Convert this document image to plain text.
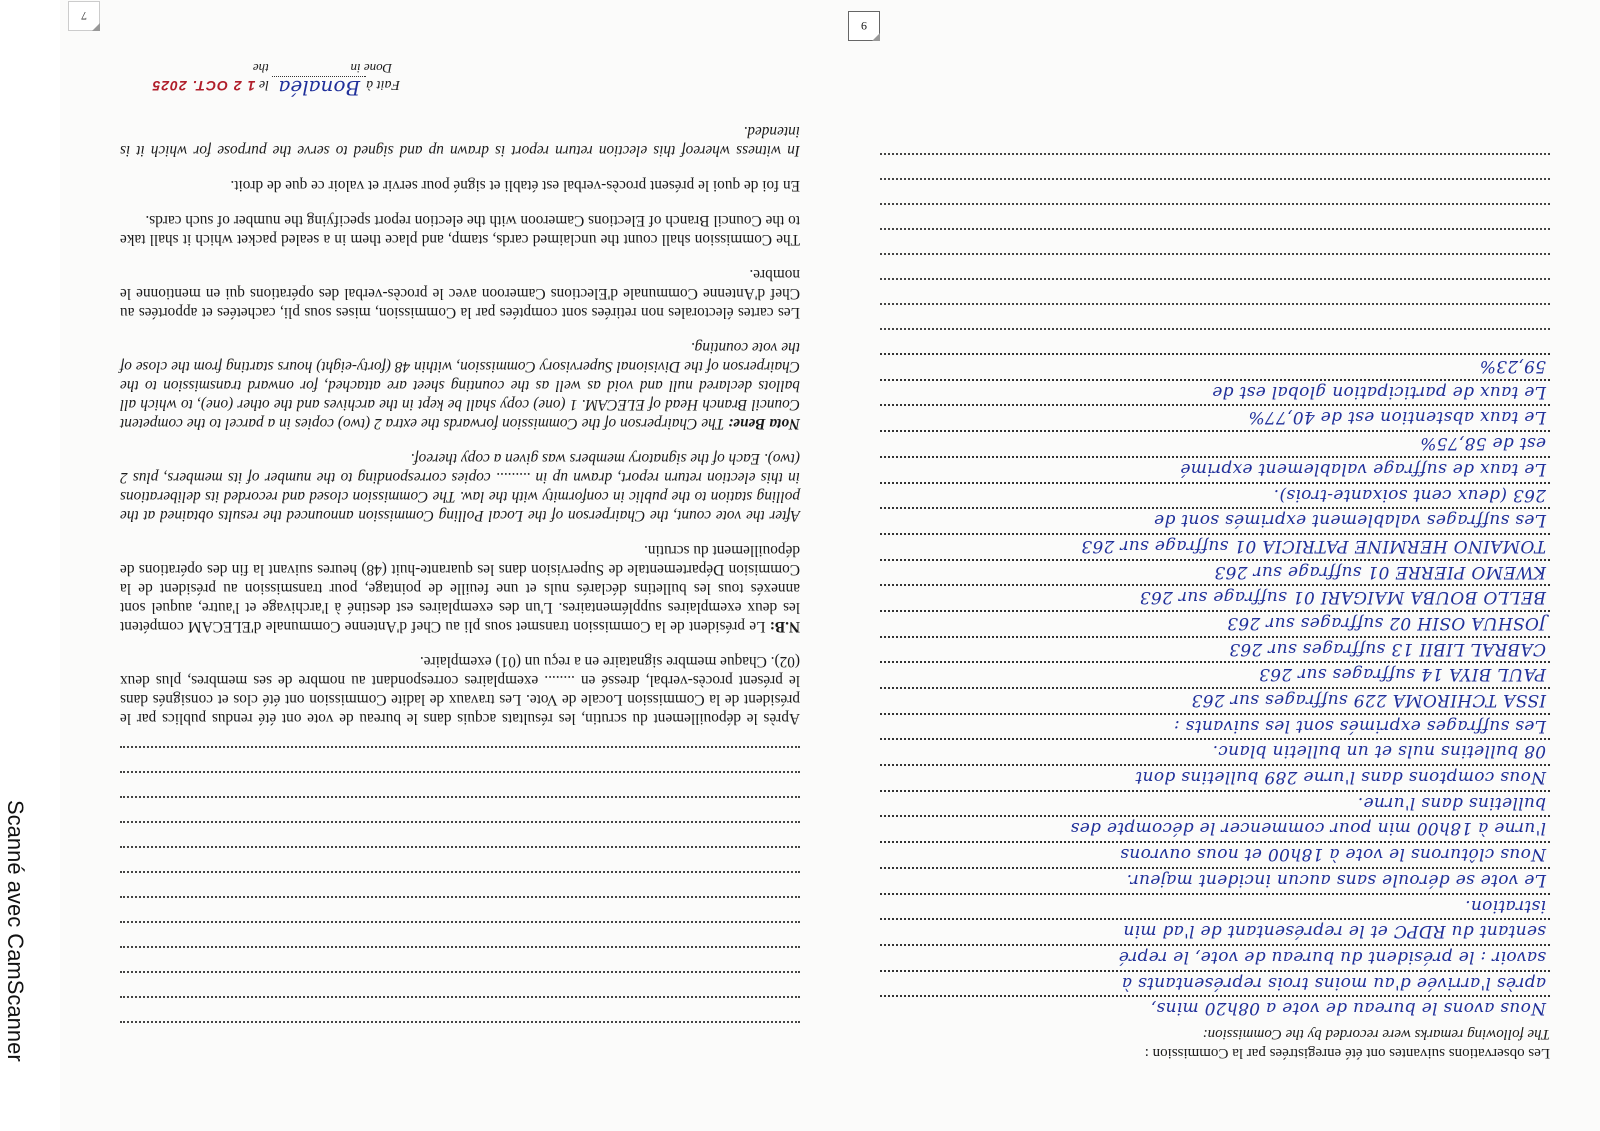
Scanné avec CamScanner
9

Les observations suivantes ont été enregistrées par la Commission :

The following remarks were recorded by the Commission:

Nous avons le bureau de vote a 08h20 mins,
après l'arrivée d'au moins trois représentants à
savoir : le président du bureau de vote, le repré
sentant du RDPC et le représentant de l'ad min
istration.
Le vote se déroule sans aucun incident majeur.
Nous clôturons le vote à 18h00 et nous ouvrons
l'urne à 18h00 min pour commencer le décompte des
bulletins dans l'urne.
Nous comptons dans l'urne 289 bulletins dont
08 bulletins nuls et un bulletin blanc.
Les suffrages exprimés sont les suivants :
ISSA TCHIROMA 229 suffrages sur 263
PAUL BIYA 14 suffrages sur 263
CABRAL LIBII 13 suffrages sur 263
JOSHUA OSIH 02 suffrages sur 263
BELLO BOUBA MAIGARI 01 suffrage sur 263
KWEMO PIERRE 01 suffrage sur 263
TOMAINO HERMINE PATRICIA 01 suffrage sur 263
Les suffrages valablement exprimés sont de
263 (deux cent soixante-trois).
Le taux de suffrage valablement exprimé
est de 58,75%
Le taux abstention est de 40,77%
Le taux de participation global est de
59,23%

Après le dépouillement du scrutin, les résultats acquis dans le bureau de vote ont été rendus publics par le président de la Commission Locale de Vote. Les travaux de ladite Commission ont été clos et consignés dans le présent procès-verbal, dressé en ........ exemplaires correspondant au nombre de ses membres, plus deux (02). Chaque membre signataire en a reçu un (01) exemplaire.

N.B: Le président de la Commission transmet sous pli au Chef d'Antenne Communale d'ELECAM compétent les deux exemplaires supplémentaires. L'un des exemplaires est destiné à l'archivage et l'autre, auquel sont annexés tous les bulletins déclarés nuls et une feuille de pointage, pour transmission au président de la Commision Départementale de Supervision dans les quarante-huit (48) heures suivant la fin des opérations de dépouillement du scrutin.

After the vote count, the Chairperson of the Local Polling Commission announced the results obtained at the polling station to the public in conformity with the law. The Commission closed and recorded its deliberations in this election return report, drawn up in ......... copies corresponding to the number of its members, plus 2 (two). Each of the signatory members was given a copy thereof.

Nota Bene: The Chairperson of the Commission forwards the extra 2 (two) copies in a parcel to the competent Council Branch Head of ELECAM. 1 (one) copy shall be kept in the archives and the other (one), to which all ballots declared null and void as well as the counting sheet are attached, for onward transmission to the Chairperson of the Divisional Supervisory Commission, within 48 (forty-eight) hours starting from the close of the vote counting.

Les cartes électorales non retirées sont comptées par la Commission, mises sous pli, cachetées et apportées au Chef d'Antenne Communale d'Elections Cameroon avec le procès-verbal des opérations qui en mentionne le nombre.

The Commission shall count the unclaimed cards, stamp, and place them in a sealed packet which it shall take to the Council Branch of Elections Cameroon with the election report specifying the number of such cards.

En foi de quoi le présent procès-verbal est établi et signé pour servir et valoir ce que de droit.

In witness whereof this election return report is drawn up and signed to serve the purpose for which it is intended.

Fait àBonaléa le 1 2 OCT. 2025
Done in the
7
